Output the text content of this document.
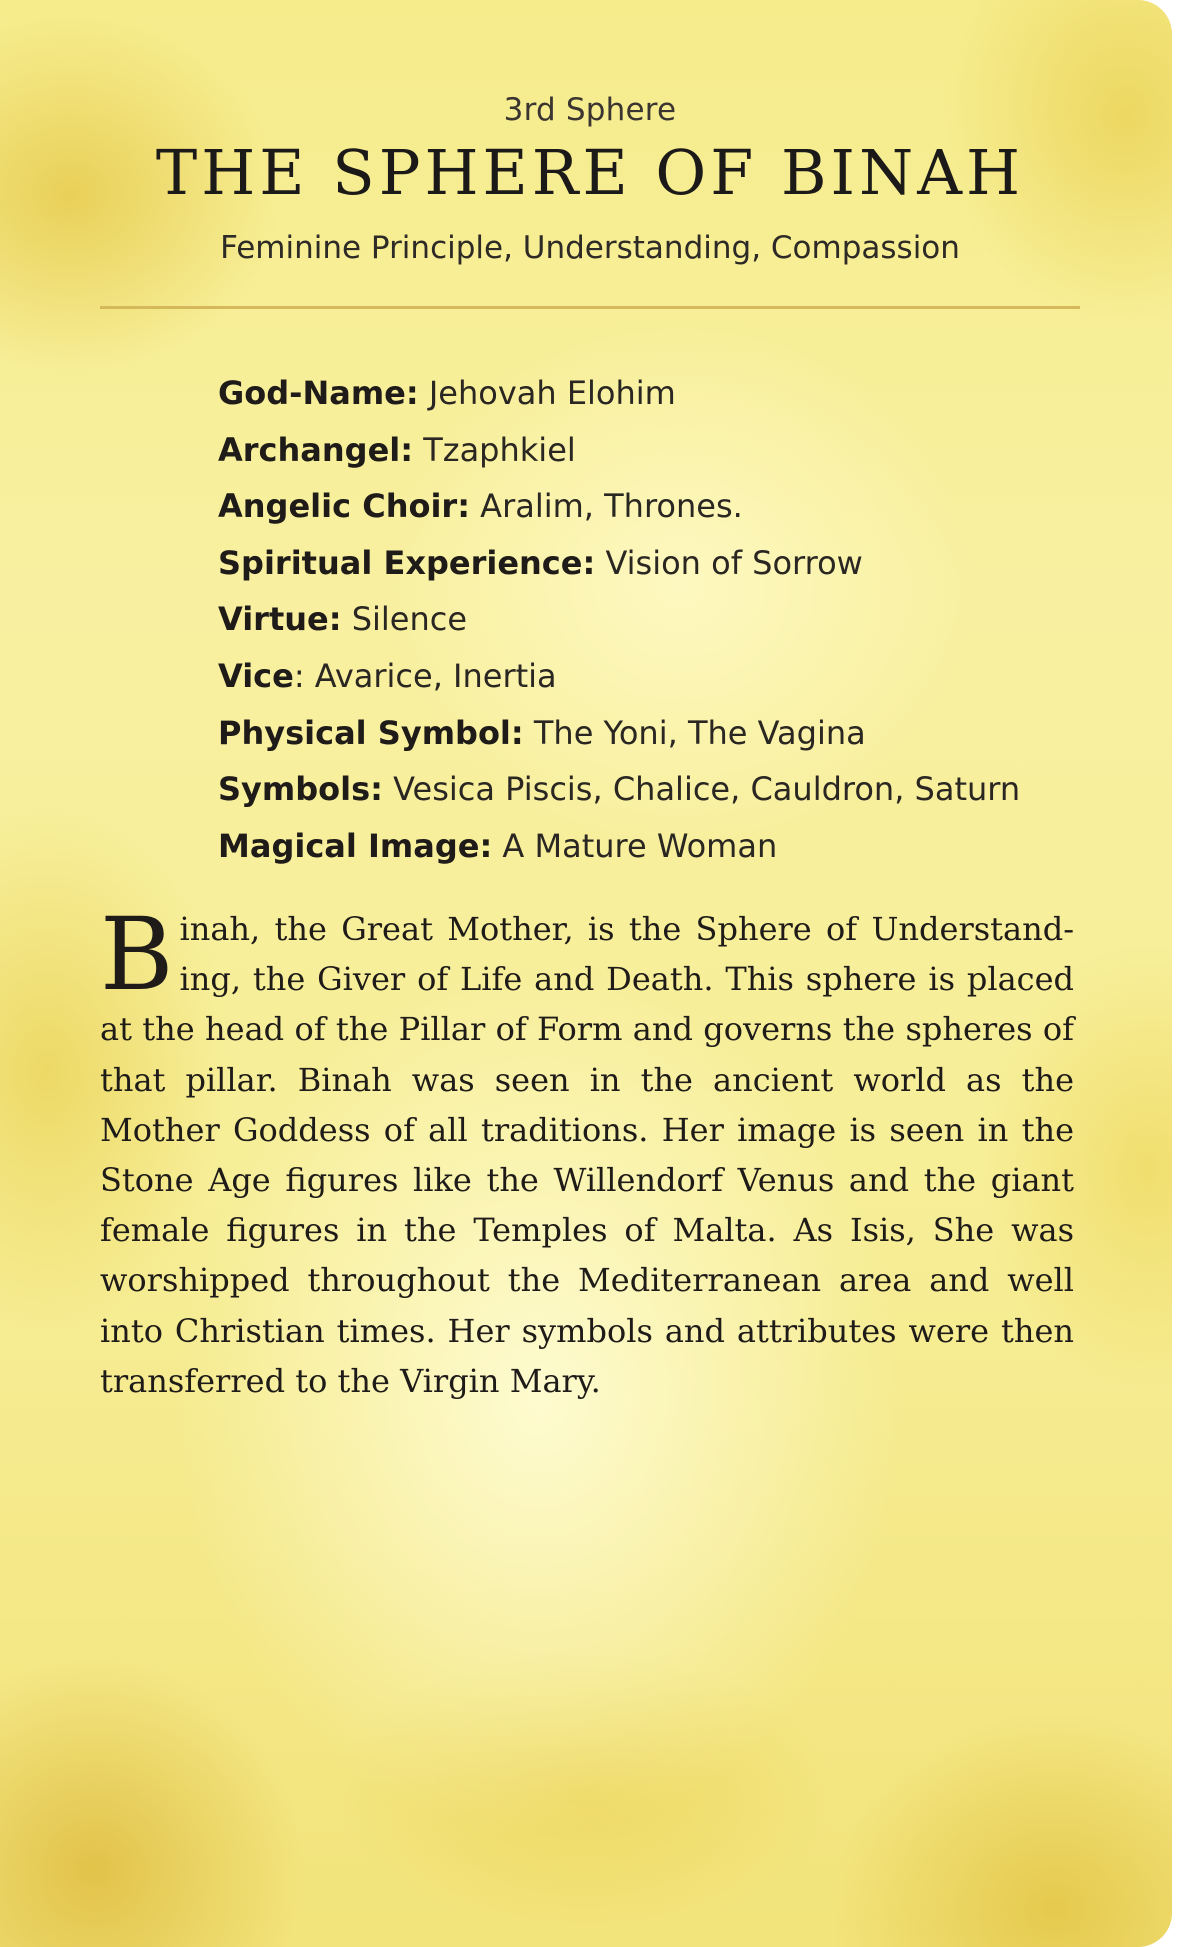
3rd Sphere
THE SPHERE OF BINAH
Feminine Principle, Understanding, Compassion
God-Name: Jehovah Elohim
Archangel: Tzaphkiel
Angelic Choir: Aralim, Thrones.
Spiritual Experience: Vision of Sorrow
Virtue: Silence
Vice: Avarice, Inertia
Physical Symbol: The Yoni, The Vagina
Symbols: Vesica Piscis, Chalice, Cauldron, Saturn
Magical Image: A Mature Woman

Binah, the Great Mother, is the Sphere of Understand-ing, the Giver of Life and Death. This sphere is placed at the head of the Pillar of Form and governs the spheres of that pillar. Binah was seen in the ancient world as the Mother Goddess of all traditions. Her image is seen in the Stone Age figures like the Willendorf Venus and the giant female figures in the Temples of Malta. As Isis, She was worshipped throughout the Mediterranean area and well into Christian times. Her symbols and attributes were then transferred to the Virgin Mary.
